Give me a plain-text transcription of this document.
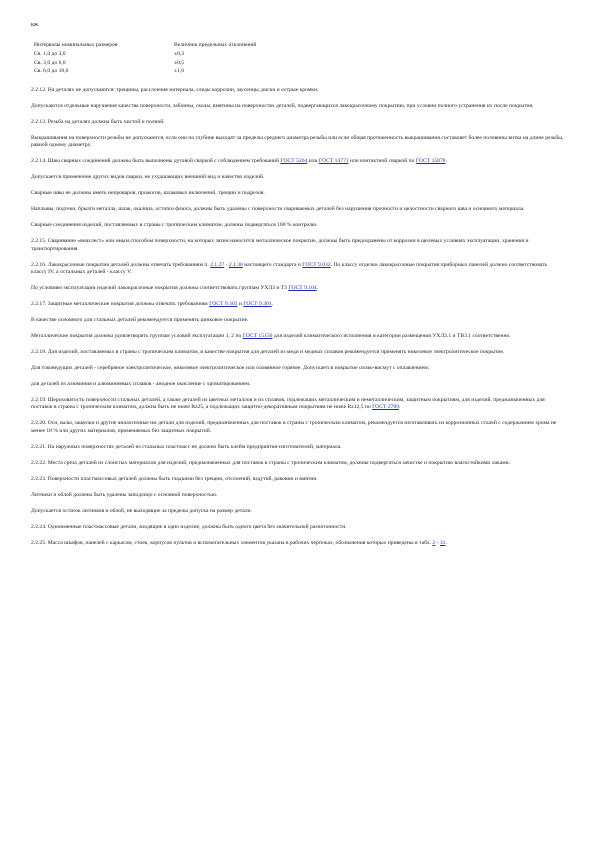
кж
Интервалы номинальных размеров	Величина предельных отклонений
Св. 1,0 до 3,0	±0,3
Св. 3,0 до 6,0	±0,5
Св. 6,0 до 18,0	±1,0

2.2.12. На деталях не допускаются: трещины, расслоения материала, следы коррозии, заусенцы, риски и острые кромки.

Допускаются отдельные нарушения качества поверхности, забоины, сколы, вмятины на поверхностях деталей, подвергающихся лакокрасочному покрытию, при условии полного устранения их после покрытия.

2.2.13. Резьба на деталях должна быть чистой и полной.

Выкрашивания на поверхности резьбы не допускаются, если они по глубине выходят за пределы среднего диаметра резьбы или если общая протяженность выкрашивания составляет более половины витка на длине резьбы, равной одному диаметру.

2.2.14. Швы сварных соединений должны быть выполнены дуговой сваркой с соблюдением требований ГОСТ 5264 или ГОСТ 14771 или контактной сваркой по ГОСТ 15878.

Допускается применение других видов сварки, не ухудшающих внешний вид и качество изделий.

Сварные швы не должны иметь непроваров, прожогов, шлаковых включений, трещин и подрезов.

Наплывы, подтеки, брызги металла, шлак, окалина, остатки флюса, должны быть удалены с поверхности свариваемых деталей без нарушения прочности и целостности сварного шва и основного материала.

Сварные соединения изделий, поставляемых в страны с тропическим климатом, должны подвергаться 100 % контролю.

2.2.15. Сваривание «внахлест» или иным способом поверхности, на которых затем наносится металлическое покрытие, должны быть предохранены от коррозии в щелевых условиях эксплуатации, хранения и транспортирования.

2.2.16. Лакокрасочные покрытия деталей должны отвечать требованиям п. 2.1.27 - 2.1.30 настоящего стандарта и ГОСТ 9.032. По классу отделки лакокрасочные покрытия приборных панелей должно соответствовать классу IV, а остальных деталей - классу V.

По условиям эксплуатации изделий лакокрасочные покрытия должны соответствовать группам УХЛ3 и Т3 ГОСТ 9.104.

2.2.17. Защитные металлические покрытия должны отвечать требованиям ГОСТ 9.303 и ГОСТ 9.301.

В качестве основного для стальных деталей рекомендуется применять цинковое покрытие.

Металлические покрытия должны удовлетворять группам условий эксплуатации 1, 2 по ГОСТ 15150 для изделий климатического исполнения и категории размещения УХЛ3.1 и ТВ3.1 соответственно.

2.2.18. Для изделий, поставляемых в страны с тропическим климатом, в качестве покрытия для деталей из меди и медных сплавов рекомендуется применять никелевое электролитическое покрытие.

Для токоведущих деталей - серебряное электролитическое, никелевое электролитическое или оловянное горячее. Допускается покрытие олово-висмут с оплавлением;

для деталей из алюминия и алюминиевых сплавов - анодное окисление с хроматированием.

2.2.19. Шероховатость поверхности стальных деталей, а также деталей из цветных металлов и их сплавов, подлежащих металлическим и неметаллическим, защитным покрытиям, для изделий, предназначенных для поставок в страны с тропическим климатом, должна быть не ниже Rz25, а подлежащих защитно-декоративным покрытиям не ниже Rz12,5 по ГОСТ 2789.

2.2.20. Оси, валы, защелки и другие аналогичные им детали для изделий, предназначенных для поставок в страны с тропическим климатом, рекомендуется изготавливать из коррозионных сталей с содержанием хрома не менее 18 % или других материалов, применяемых без защитных покрытий.

2.2.21. На наружных поверхностях деталей из стальных пластмасс не должно быть клейм предприятия-изготовителей, материала.

2.2.22. Места среза деталей из слоистых материалов для изделий, предназначенных для поставок в страны с тропическим климатом, должны подвергаться зачистке и покрытию влагостойкими лаками.

2.2.23. Поверхности пластмассовых деталей должны быть гладкими без трещин, отслоений, вздутий, раковин и вмятин.

Литники и облой должны быть удалены заподлицо с основной поверхностью.

Допускается остаток литников и облой, не выходящие за пределы допуска на размер детали.

2.2.24. Одноименные пластмассовые детали, входящие в одно изделие, должны быть одного цвета без значительной разнотонности.

2.2.25. Масса шкафов, панелей с каркасом, стоек, корпусов пультов и вспомогательных элементов указана в рабочих чертежах, обозначения которых приведены в табл. 2 - 31.
